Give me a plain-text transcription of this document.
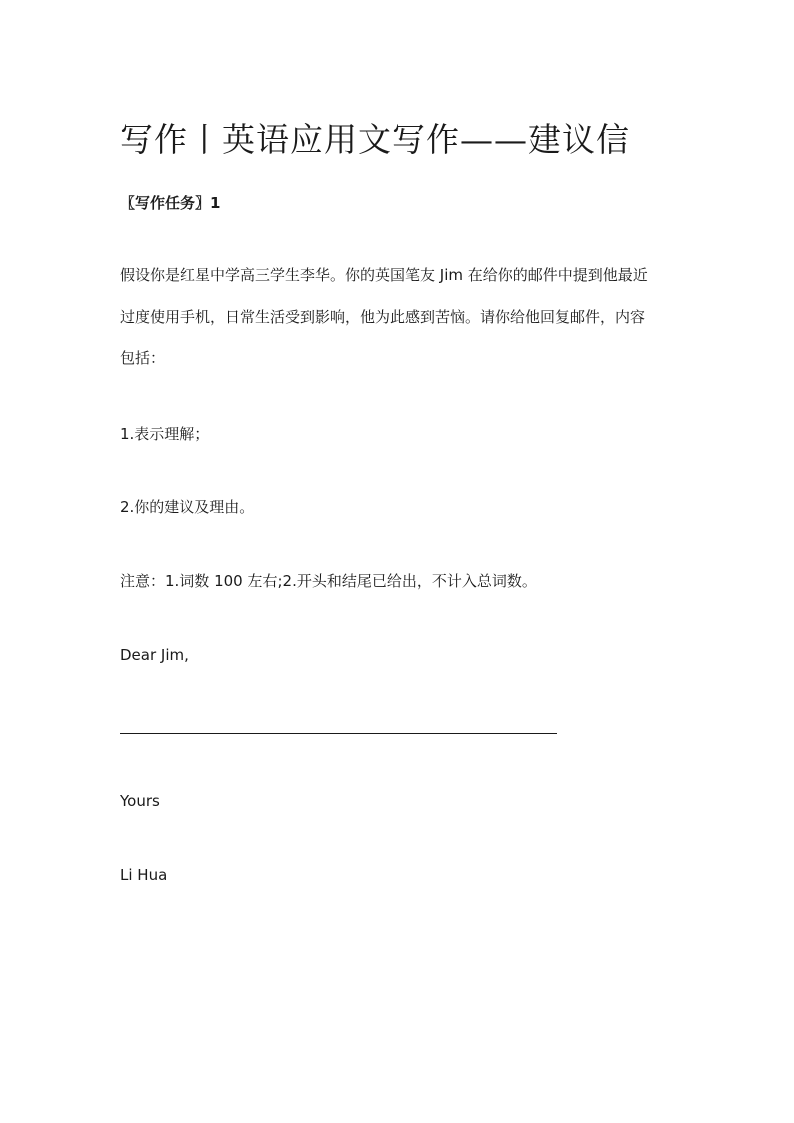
写作丨英语应用文写作——建议信
〖写作任务〗1
假设你是红星中学高三学生李华。你的英国笔友 Jim 在给你的邮件中提到他最近
过度使用手机，日常生活受到影响，他为此感到苦恼。请你给他回复邮件，内容
包括：
1.表示理解；
2.你的建议及理由。
注意：1.词数 100 左右;2.开头和结尾已给出，不计入总词数。
Dear Jim,
Yours
Li Hua
